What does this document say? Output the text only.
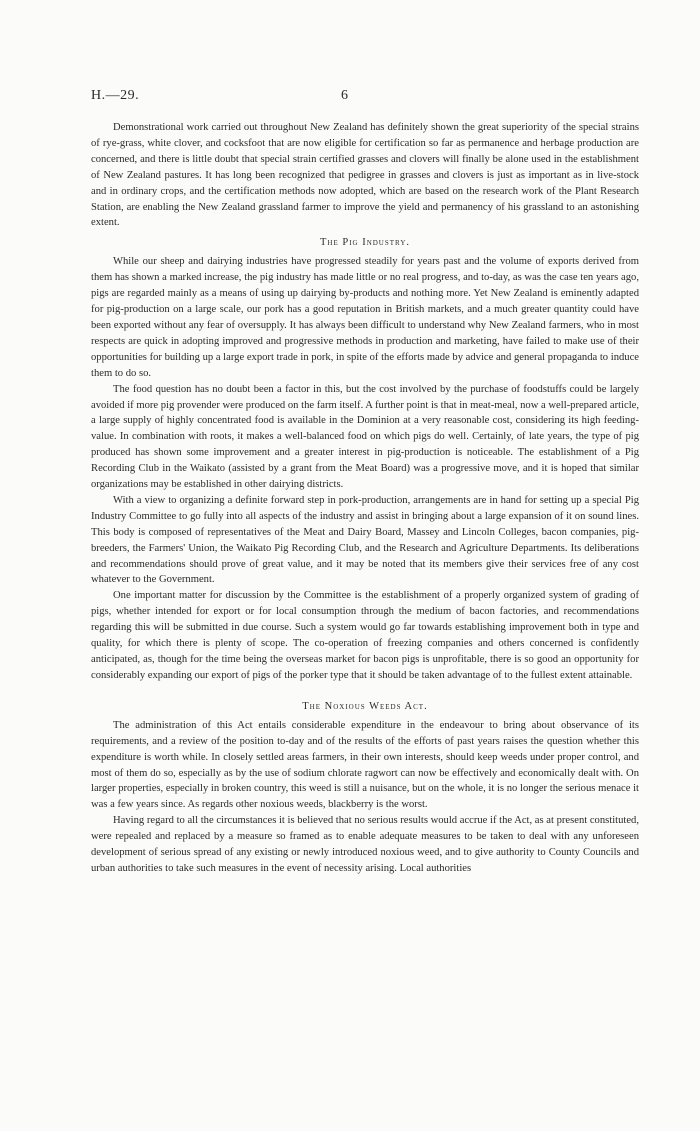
H.—29.	6

Demonstrational work carried out throughout New Zealand has definitely shown the great superiority of the special strains of rye-grass, white clover, and cocksfoot that are now eligible for certification so far as permanence and herbage production are concerned, and there is little doubt that special strain certified grasses and clovers will finally be alone used in the establishment of New Zealand pastures. It has long been recognized that pedigree in grasses and clovers is just as important as in live-stock and in ordinary crops, and the certification methods now adopted, which are based on the research work of the Plant Research Station, are enabling the New Zealand grassland farmer to improve the yield and permanency of his grassland to an astonishing extent.

The Pig Industry.

While our sheep and dairying industries have progressed steadily for years past and the volume of exports derived from them has shown a marked increase, the pig industry has made little or no real progress, and to-day, as was the case ten years ago, pigs are regarded mainly as a means of using up dairying by-products and nothing more. Yet New Zealand is eminently adapted for pig-production on a large scale, our pork has a good reputation in British markets, and a much greater quantity could have been exported without any fear of oversupply. It has always been difficult to understand why New Zealand farmers, who in most respects are quick in adopting improved and progressive methods in production and marketing, have failed to make use of their opportunities for building up a large export trade in pork, in spite of the efforts made by advice and general propaganda to induce them to do so.

The food question has no doubt been a factor in this, but the cost involved by the purchase of foodstuffs could be largely avoided if more pig provender were produced on the farm itself. A further point is that in meat-meal, now a well-prepared article, a large supply of highly concentrated food is available in the Dominion at a very reasonable cost, considering its high feeding-value. In combination with roots, it makes a well-balanced food on which pigs do well. Certainly, of late years, the type of pig produced has shown some improvement and a greater interest in pig-production is noticeable. The establishment of a Pig Recording Club in the Waikato (assisted by a grant from the Meat Board) was a progressive move, and it is hoped that similar organizations may be established in other dairying districts.

With a view to organizing a definite forward step in pork-production, arrangements are in hand for setting up a special Pig Industry Committee to go fully into all aspects of the industry and assist in bringing about a large expansion of it on sound lines. This body is composed of representatives of the Meat and Dairy Board, Massey and Lincoln Colleges, bacon companies, pig-breeders, the Farmers' Union, the Waikato Pig Recording Club, and the Research and Agriculture Departments. Its deliberations and recommendations should prove of great value, and it may be noted that its members give their services free of any cost whatever to the Government.

One important matter for discussion by the Committee is the establishment of a properly organized system of grading of pigs, whether intended for export or for local consumption through the medium of bacon factories, and recommendations regarding this will be submitted in due course. Such a system would go far towards establishing improvement both in type and quality, for which there is plenty of scope. The co-operation of freezing companies and others concerned is confidently anticipated, as, though for the time being the overseas market for bacon pigs is unprofitable, there is so good an opportunity for considerably expanding our export of pigs of the porker type that it should be taken advantage of to the fullest extent attainable.

The Noxious Weeds Act.

The administration of this Act entails considerable expenditure in the endeavour to bring about observance of its requirements, and a review of the position to-day and of the results of the efforts of past years raises the question whether this expenditure is worth while. In closely settled areas farmers, in their own interests, should keep weeds under proper control, and most of them do so, especially as by the use of sodium chlorate ragwort can now be effectively and economically dealt with. On larger properties, especially in broken country, this weed is still a nuisance, but on the whole, it is no longer the serious menace it was a few years since. As regards other noxious weeds, blackberry is the worst.

Having regard to all the circumstances it is believed that no serious results would accrue if the Act, as at present constituted, were repealed and replaced by a measure so framed as to enable adequate measures to be taken to deal with any unforeseen development of serious spread of any existing or newly introduced noxious weed, and to give authority to County Councils and urban authorities to take such measures in the event of necessity arising. Local authorities
